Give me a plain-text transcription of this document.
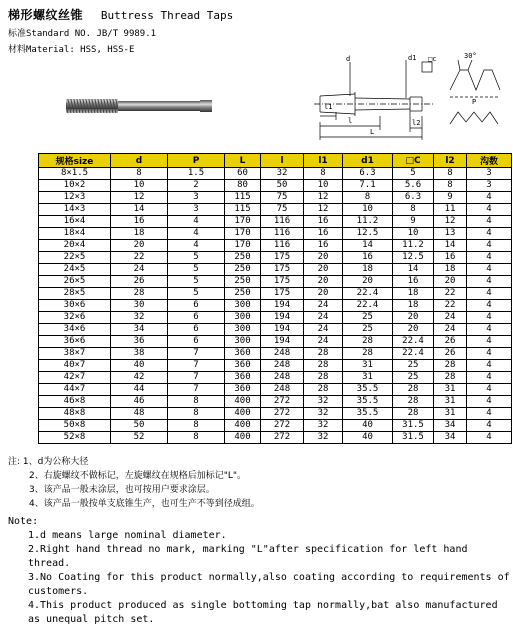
梯形螺纹丝锥 Buttress Thread Taps
标准Standard NO. JB/T 9989.1
材料Material: HSS, HSS-E
d	d1
l1
l
L
□c
l2
30°
P
规格size	d	P	L	l	l1	d1	□C	l2	沟数
8×1.5	8	1.5	60	32	8	6.3	5	8	3
10×2	10	2	80	50	10	7.1	5.6	8	3
12×3	12	3	115	75	12	8	6.3	9	4
14×3	14	3	115	75	12	10	8	11	4
16×4	16	4	170	116	16	11.2	9	12	4
18×4	18	4	170	116	16	12.5	10	13	4
20×4	20	4	170	116	16	14	11.2	14	4
22×5	22	5	250	175	20	16	12.5	16	4
24×5	24	5	250	175	20	18	14	18	4
26×5	26	5	250	175	20	20	16	20	4
28×5	28	5	250	175	20	22.4	18	22	4
30×6	30	6	300	194	24	22.4	18	22	4
32×6	32	6	300	194	24	25	20	24	4
34×6	34	6	300	194	24	25	20	24	4
36×6	36	6	300	194	24	28	22.4	26	4
38×7	38	7	360	248	28	28	22.4	26	4
40×7	40	7	360	248	28	31	25	28	4
42×7	42	7	360	248	28	31	25	28	4
44×7	44	7	360	248	28	35.5	28	31	4
46×8	46	8	400	272	32	35.5	28	31	4
48×8	48	8	400	272	32	35.5	28	31	4
50×8	50	8	400	272	32	40	31.5	34	4
52×8	52	8	400	272	32	40	31.5	34	4
注: 1、d为公称大径
2、右旋螺纹不做标记，左旋螺纹在规格后加标记"L"。
3、该产品一般未涂层，也可按用户要求涂层。
4、该产品一般按单支底锥生产，也可生产不等到径成组。
Note:
1.d means large nominal diameter.
2.Right hand thread no mark, marking "L"after specification for left hand thread.
3.No Coating for this product normally,also coating according to requirements of customers.
4.This product produced as single bottoming tap normally,bat also manufactured as unequal pitch set.
